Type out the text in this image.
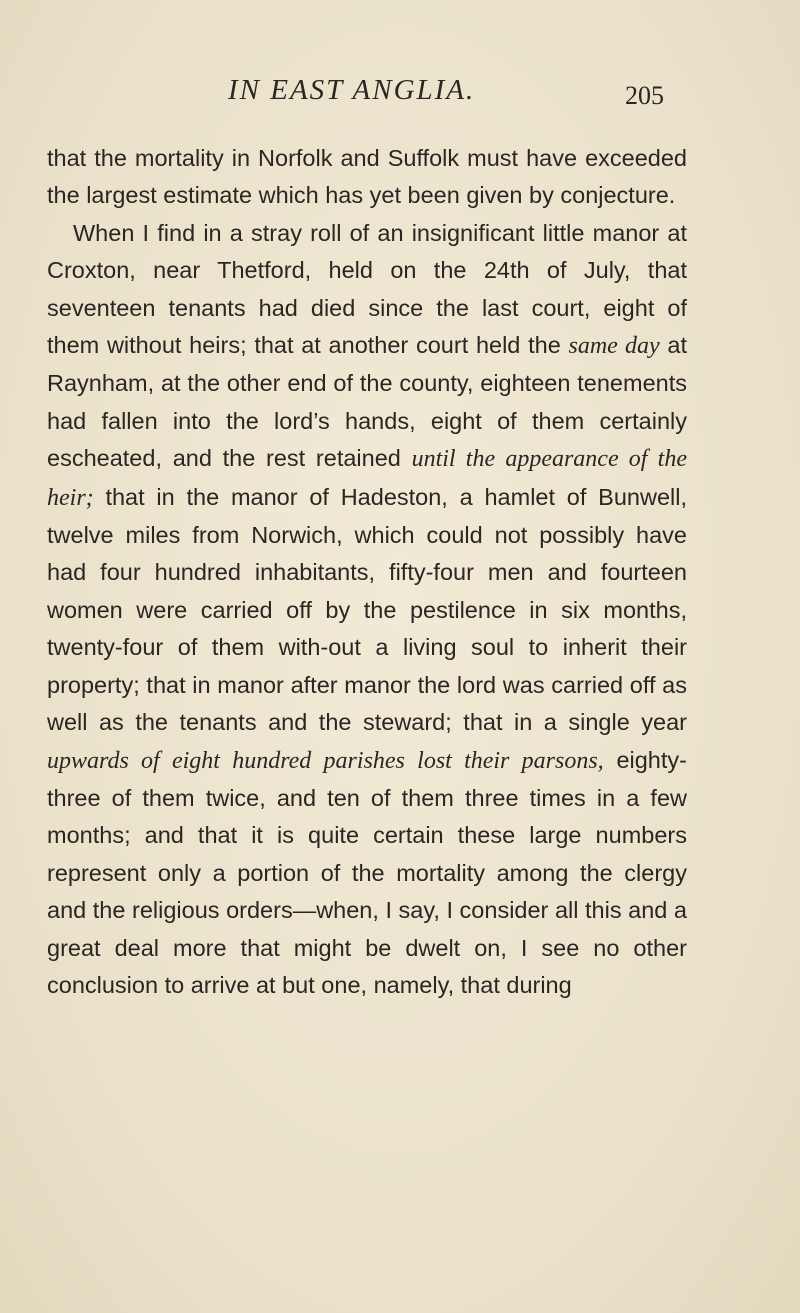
IN EAST ANGLIA.	205

that the mortality in Norfolk and Suffolk must have exceeded the largest estimate which has yet been given by conjecture.

When I find in a stray roll of an insignificant little manor at Croxton, near Thetford, held on the 24th of July, that seventeen tenants had died since the last court, eight of them without heirs; that at another court held the same day at Raynham, at the other end of the county, eighteen tenements had fallen into the lord’s hands, eight of them certainly escheated, and the rest retained until the appearance of the heir; that in the manor of Hadeston, a hamlet of Bunwell, twelve miles from Norwich, which could not possibly have had four hundred inhabitants, fifty-four men and fourteen women were carried off by the pestilence in six months, twenty-four of them with-out a living soul to inherit their property; that in manor after manor the lord was carried off as well as the tenants and the steward; that in a single year upwards of eight hundred parishes lost their parsons, eighty-three of them twice, and ten of them three times in a few months; and that it is quite certain these large numbers represent only a portion of the mortality among the clergy and the religious orders—when, I say, I consider all this and a great deal more that might be dwelt on, I see no other conclusion to arrive at but one, namely, that during
